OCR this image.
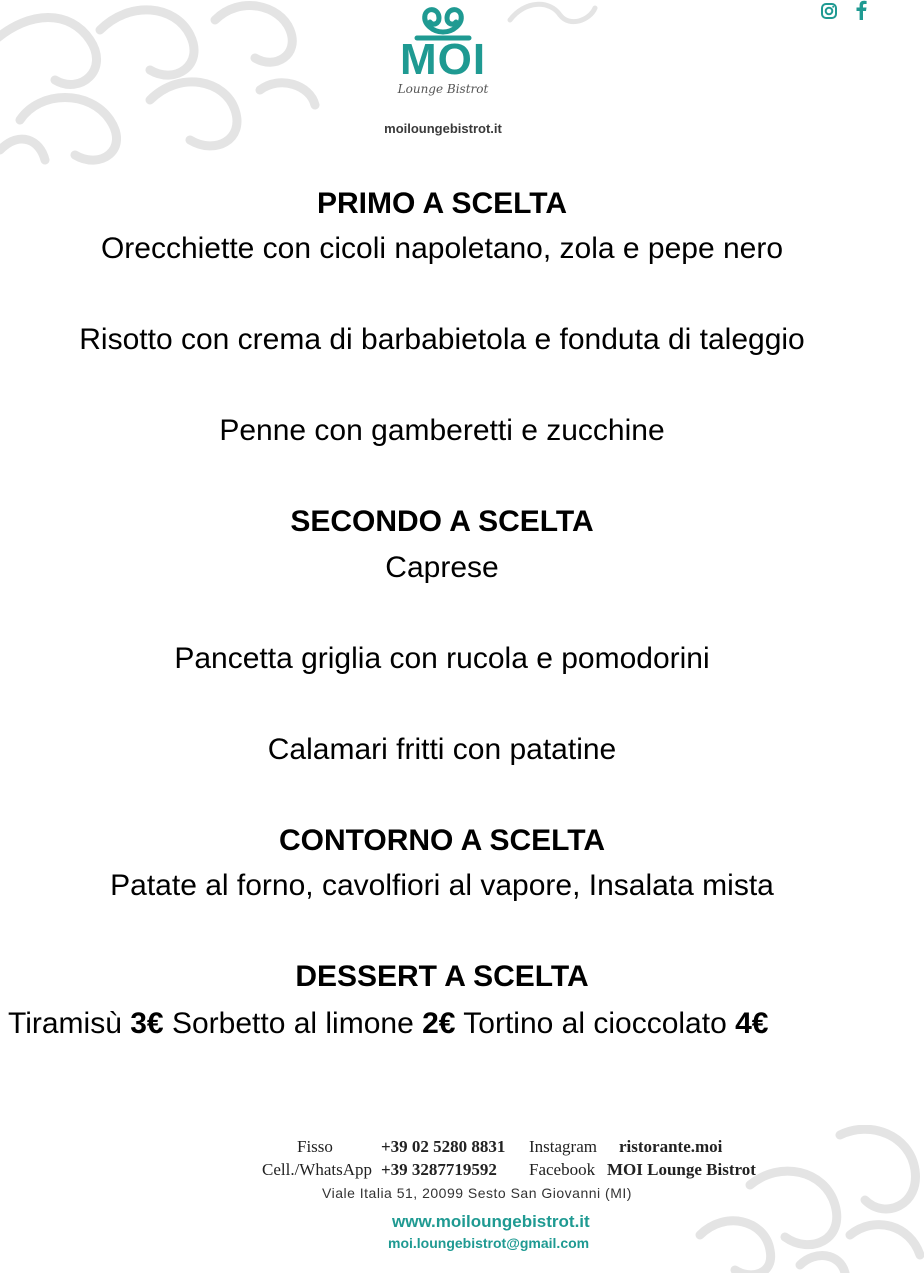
MOI
Lounge Bistrot
moiloungebistrot.it
PRIMO A SCELTA
Orecchiette con cicoli napoletano, zola e pepe nero
Risotto con crema di barbabietola e fonduta di taleggio
Penne con gamberetti e zucchine
SECONDO A SCELTA
Caprese
Pancetta griglia con rucola e pomodorini
Calamari fritti con patatine
CONTORNO A SCELTA
Patate al forno, cavolfiori al vapore, Insalata mista
DESSERT A SCELTA
Tiramisù 3€ Sorbetto al limone 2€ Tortino al cioccolato 4€
Fisso	+39 02 5280 8831 Instagram ristorante.moi
Cell./WhatsApp +39 3287719592 Facebook MOI Lounge Bistrot
Viale Italia 51, 20099 Sesto San Giovanni (MI)
www.moiloungebistrot.it
moi.loungebistrot@gmail.com
